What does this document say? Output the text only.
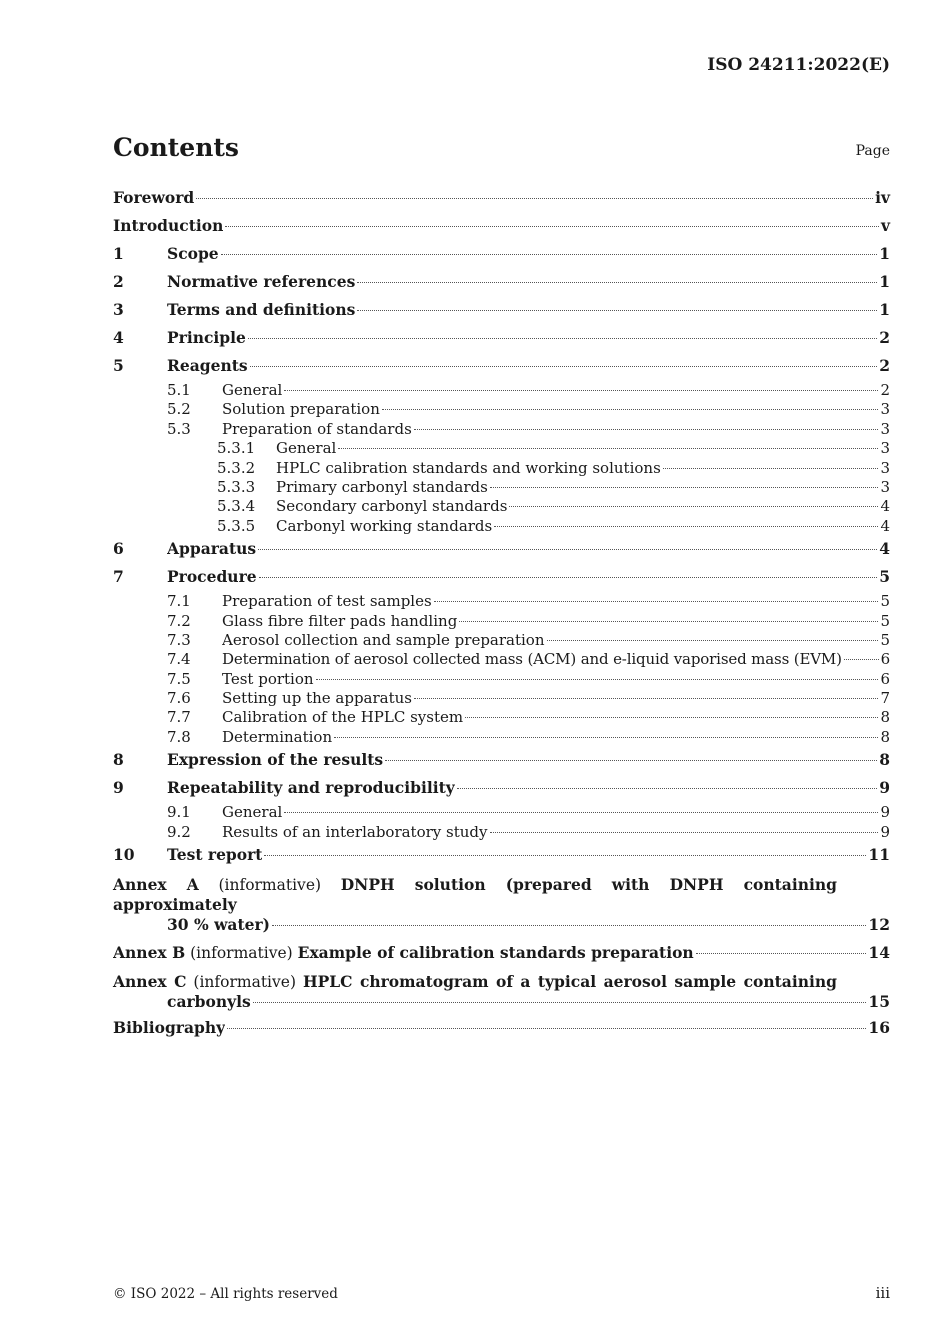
ISO 24211:2022(E)
Contents	Page
Foreword	iv
Introduction	v
1	Scope	1
2	Normative references	1
3	Terms and definitions	1
4	Principle	2
5	Reagents	2
5.1	General	2
5.2	Solution preparation	3
5.3	Preparation of standards	3
5.3.1	General	3
5.3.2	HPLC calibration standards and working solutions	3
5.3.3	Primary carbonyl standards	3
5.3.4	Secondary carbonyl standards	4
5.3.5	Carbonyl working standards	4
6	Apparatus	4
7	Procedure	5
7.1	Preparation of test samples	5
7.2	Glass fibre filter pads handling	5
7.3	Aerosol collection and sample preparation	5
7.4	Determination of aerosol collected mass (ACM) and e-liquid vaporised mass (EVM)	6
7.5	Test portion	6
7.6	Setting up the apparatus	7
7.7	Calibration of the HPLC system	8
7.8	Determination	8
8	Expression of the results	8
9	Repeatability and reproducibility	9
9.1	General	9
9.2	Results of an interlaboratory study	9
10	Test report	11
Annex A (informative) DNPH solution (prepared with DNPH containing approximately
30 % water)	12
Annex B (informative) Example of calibration standards preparation	14
Annex C (informative) HPLC chromatogram of a typical aerosol sample containing
carbonyls	15
Bibliography	16
© ISO 2022 – All rights reserved	iii
